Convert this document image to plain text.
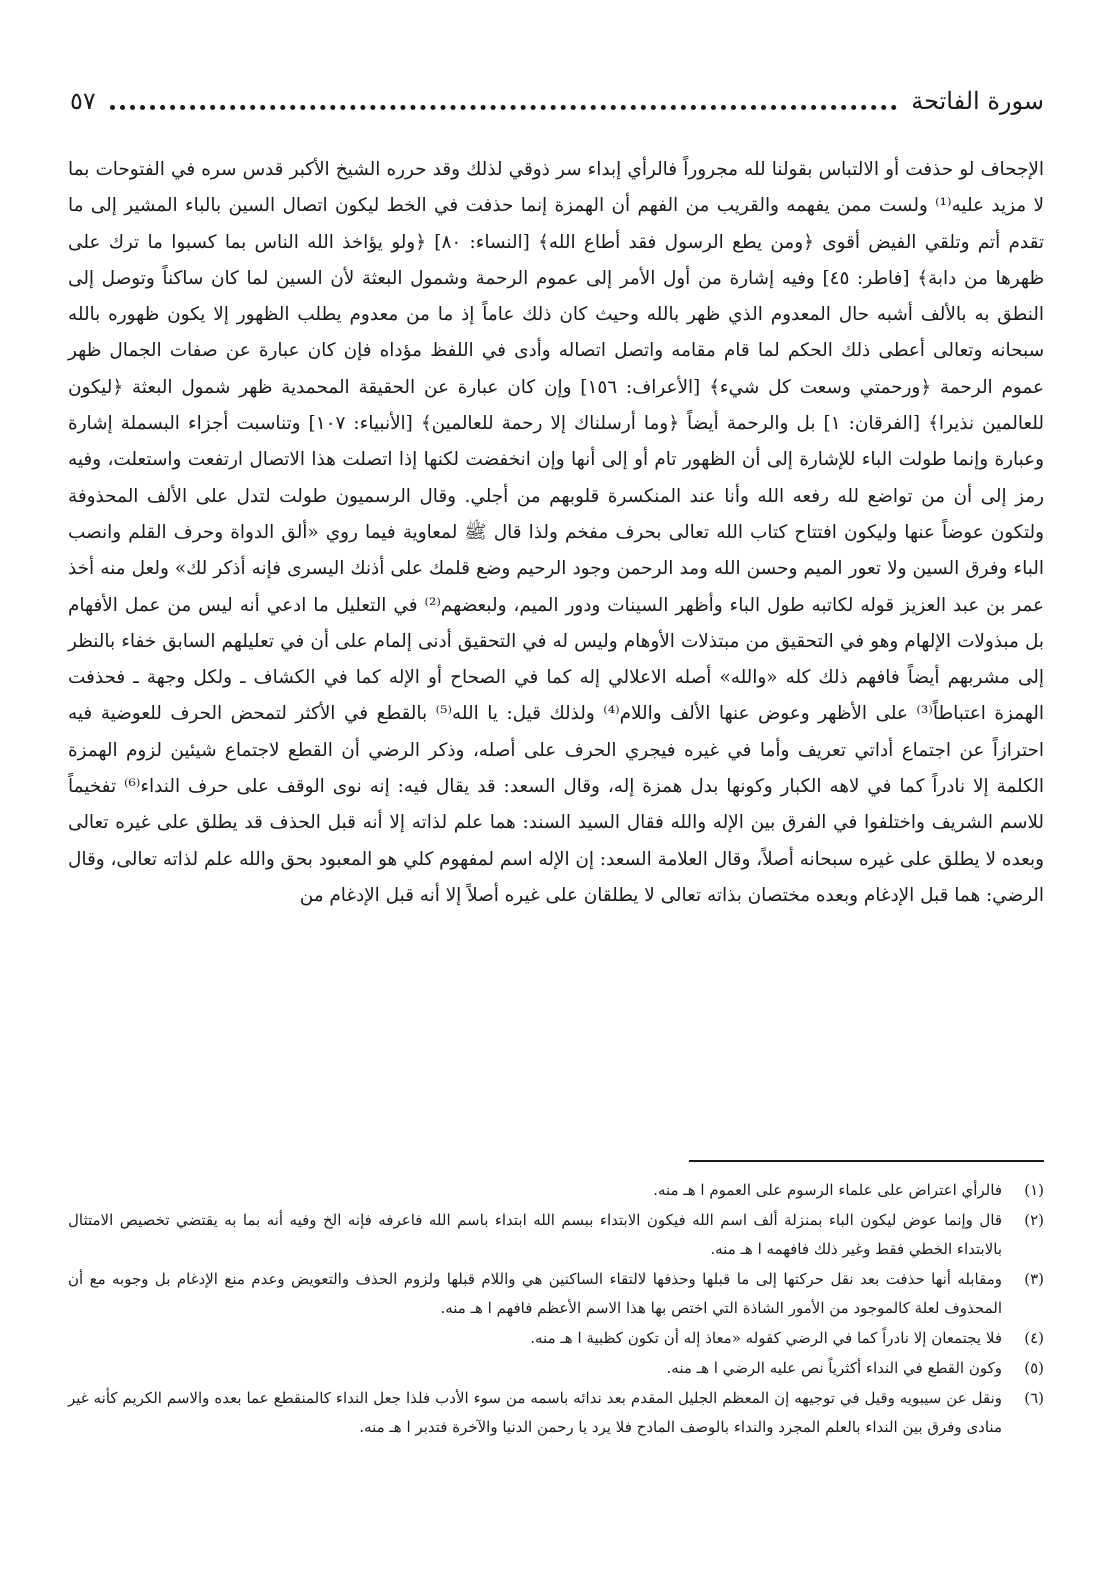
سورة الفاتحة
٥٧

الإجحاف لو حذفت أو الالتباس بقولنا لله مجروراً فالرأي إبداء سر ذوقي لذلك وقد حرره الشيخ الأكبر قدس سره في الفتوحات بما لا مزيد عليه⁽¹⁾ ولست ممن يفهمه والقريب من الفهم أن الهمزة إنما حذفت في الخط ليكون اتصال السين بالباء المشير إلى ما تقدم أتم وتلقي الفيض أقوى ﴿ومن يطع الرسول فقد أطاع الله﴾ [النساء: ٨٠] ﴿ولو يؤاخذ الله الناس بما كسبوا ما ترك على ظهرها من دابة﴾ [فاطر: ٤٥] وفيه إشارة من أول الأمر إلى عموم الرحمة وشمول البعثة لأن السين لما كان ساكناً وتوصل إلى النطق به بالألف أشبه حال المعدوم الذي ظهر بالله وحيث كان ذلك عاماً إذ ما من معدوم يطلب الظهور إلا يكون ظهوره بالله سبحانه وتعالى أعطى ذلك الحكم لما قام مقامه واتصل اتصاله وأدى في اللفظ مؤداه فإن كان عبارة عن صفات الجمال ظهر عموم الرحمة ﴿ورحمتي وسعت كل شيء﴾ [الأعراف: ١٥٦] وإن كان عبارة عن الحقيقة المحمدية ظهر شمول البعثة ﴿ليكون للعالمين نذيرا﴾ [الفرقان: ١] بل والرحمة أيضاً ﴿وما أرسلناك إلا رحمة للعالمين﴾ [الأنبياء: ١٠٧] وتناسبت أجزاء البسملة إشارة وعبارة وإنما طولت الباء للإشارة إلى أن الظهور تام أو إلى أنها وإن انخفضت لكنها إذا اتصلت هذا الاتصال ارتفعت واستعلت، وفيه رمز إلى أن من تواضع لله رفعه الله وأنا عند المنكسرة قلوبهم من أجلي. وقال الرسميون طولت لتدل على الألف المحذوفة ولتكون عوضاً عنها وليكون افتتاح كتاب الله تعالى بحرف مفخم ولذا قال ﷺ لمعاوية فيما روي «ألق الدواة وحرف القلم وانصب الباء وفرق السين ولا تعور الميم وحسن الله ومد الرحمن وجود الرحيم وضع قلمك على أذنك اليسرى فإنه أذكر لك» ولعل منه أخذ عمر بن عبد العزيز قوله لكاتبه طول الباء وأظهر السينات ودور الميم، ولبعضهم⁽²⁾ في التعليل ما ادعي أنه ليس من عمل الأفهام بل مبذولات الإلهام وهو في التحقيق من مبتذلات الأوهام وليس له في التحقيق أدنى إلمام على أن في تعليلهم السابق خفاء بالنظر إلى مشربهم أيضاً فافهم ذلك كله «والله» أصله الاعلالي إله كما في الصحاح أو الإله كما في الكشاف ـ ولكل وجهة ـ فحذفت الهمزة اعتباطاً⁽³⁾ على الأظهر وعوض عنها الألف واللام⁽⁴⁾ ولذلك قيل: يا الله⁽⁵⁾ بالقطع في الأكثر لتمحض الحرف للعوضية فيه احترازاً عن اجتماع أداتي تعريف وأما في غيره فيجري الحرف على أصله، وذكر الرضي أن القطع لاجتماع شيئين لزوم الهمزة الكلمة إلا نادراً كما في لاهه الكبار وكونها بدل همزة إله، وقال السعد: قد يقال فيه: إنه نوى الوقف على حرف النداء⁽⁶⁾ تفخيماً للاسم الشريف واختلفوا في الفرق بين الإله والله فقال السيد السند: هما علم لذاته إلا أنه قبل الحذف قد يطلق على غيره تعالى وبعده لا يطلق على غيره سبحانه أصلاً، وقال العلامة السعد: إن الإله اسم لمفهوم كلي هو المعبود بحق والله علم لذاته تعالى، وقال الرضي: هما قبل الإدغام وبعده مختصان بذاته تعالى لا يطلقان على غيره أصلاً إلا أنه قبل الإدغام من

(١)
فالرأي اعتراض على علماء الرسوم على العموم ا هـ منه.
(٢)
قال وإنما عوض ليكون الباء بمنزلة ألف اسم الله فيكون الابتداء ببسم الله ابتداء باسم الله فاعرفه فإنه الخ وفيه أنه بما به يقتضي تخصيص الامتثال بالابتداء الخطي فقط وغير ذلك فافهمه ا هـ منه.
(٣)
ومقابله أنها حذفت بعد نقل حركتها إلى ما قبلها وحذفها لالتقاء الساكنين هي واللام قبلها ولزوم الحذف والتعويض وعدم منع الإدغام بل وجوبه مع أن المحذوف لعلة كالموجود من الأمور الشاذة التي اختص بها هذا الاسم الأعظم فافهم ا هـ منه.
(٤)
فلا يجتمعان إلا نادراً كما في الرضي كقوله «معاذ إله أن تكون كظبية ا هـ منه.
(٥)
وكون القطع في النداء أكثرياً نص عليه الرضي ا هـ منه.
(٦)
ونقل عن سيبويه وقيل في توجيهه إن المعظم الجليل المقدم بعد ندائه باسمه من سوء الأدب فلذا جعل النداء كالمنقطع عما بعده والاسم الكريم كأنه غير منادى وفرق بين النداء بالعلم المجرد والنداء بالوصف المادح فلا يرد يا رحمن الدنيا والآخرة فتدبر ا هـ منه.
